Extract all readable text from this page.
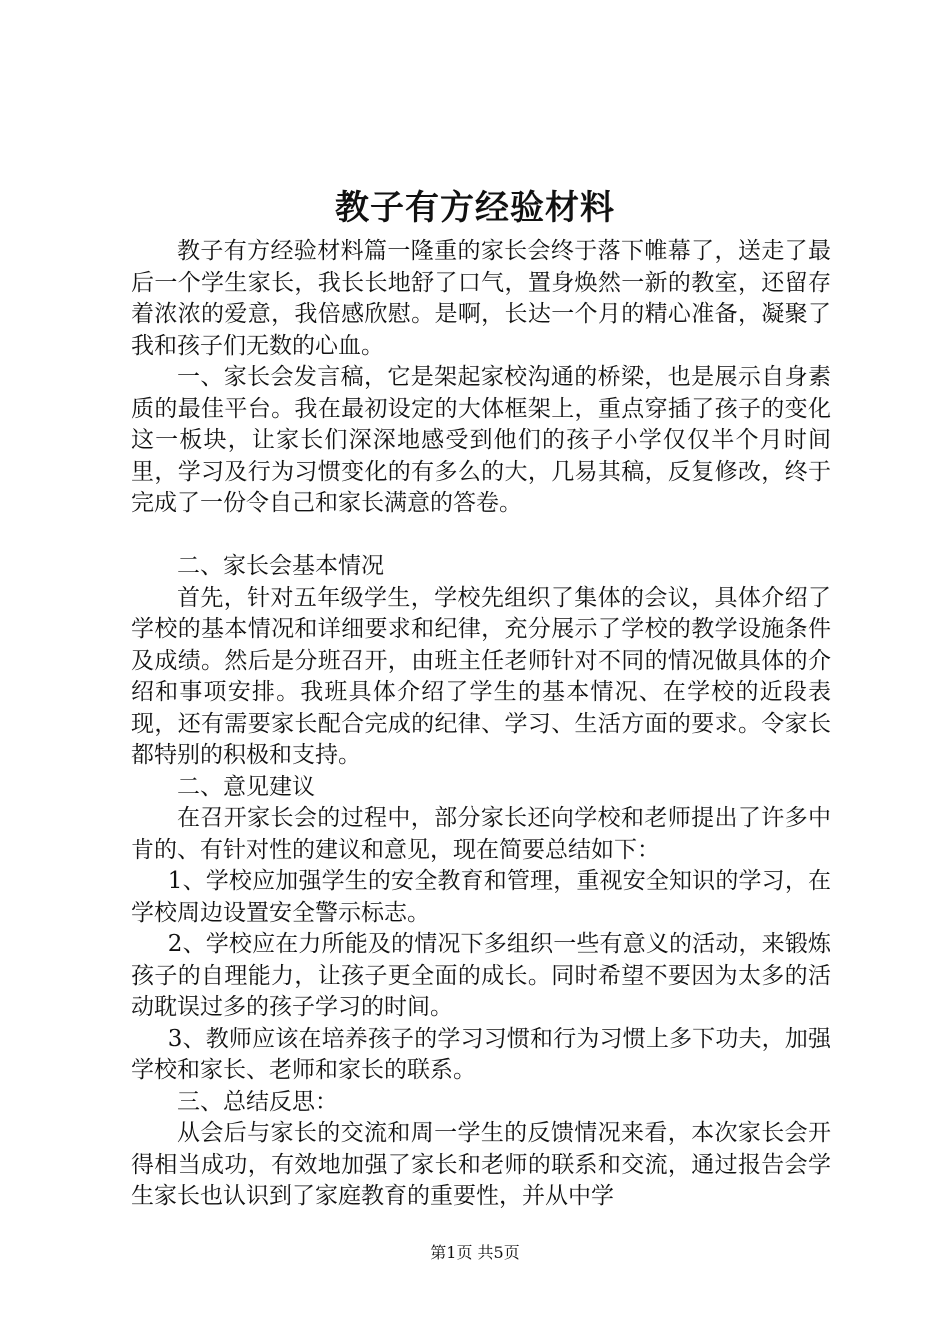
教子有方经验材料

教子有方经验材料篇一隆重的家长会终于落下帷幕了，送走了最后一个学生家长，我长长地舒了口气，置身焕然一新的教室，还留存着浓浓的爱意，我倍感欣慰。是啊，长达一个月的精心准备，凝聚了我和孩子们无数的心血。

一、家长会发言稿，它是架起家校沟通的桥梁，也是展示自身素质的最佳平台。我在最初设定的大体框架上，重点穿插了孩子的变化这一板块，让家长们深深地感受到他们的孩子小学仅仅半个月时间里，学习及行为习惯变化的有多么的大，几易其稿，反复修改，终于完成了一份令自己和家长满意的答卷。

二、家长会基本情况

首先，针对五年级学生，学校先组织了集体的会议，具体介绍了学校的基本情况和详细要求和纪律，充分展示了学校的教学设施条件及成绩。然后是分班召开，由班主任老师针对不同的情况做具体的介绍和事项安排。我班具体介绍了学生的基本情况、在学校的近段表现，还有需要家长配合完成的纪律、学习、生活方面的要求。令家长都特别的积极和支持。

二、意见建议

在召开家长会的过程中，部分家长还向学校和老师提出了许多中肯的、有针对性的建议和意见，现在简要总结如下：

1、学校应加强学生的安全教育和管理，重视安全知识的学习，在学校周边设置安全警示标志。

2、学校应在力所能及的情况下多组织一些有意义的活动，来锻炼孩子的自理能力，让孩子更全面的成长。同时希望不要因为太多的活动耽误过多的孩子学习的时间。

3、教师应该在培养孩子的学习习惯和行为习惯上多下功夫，加强学校和家长、老师和家长的联系。

三、总结反思：

从会后与家长的交流和周一学生的反馈情况来看，本次家长会开得相当成功，有效地加强了家长和老师的联系和交流，通过报告会学生家长也认识到了家庭教育的重要性，并从中学

第1页 共5页
